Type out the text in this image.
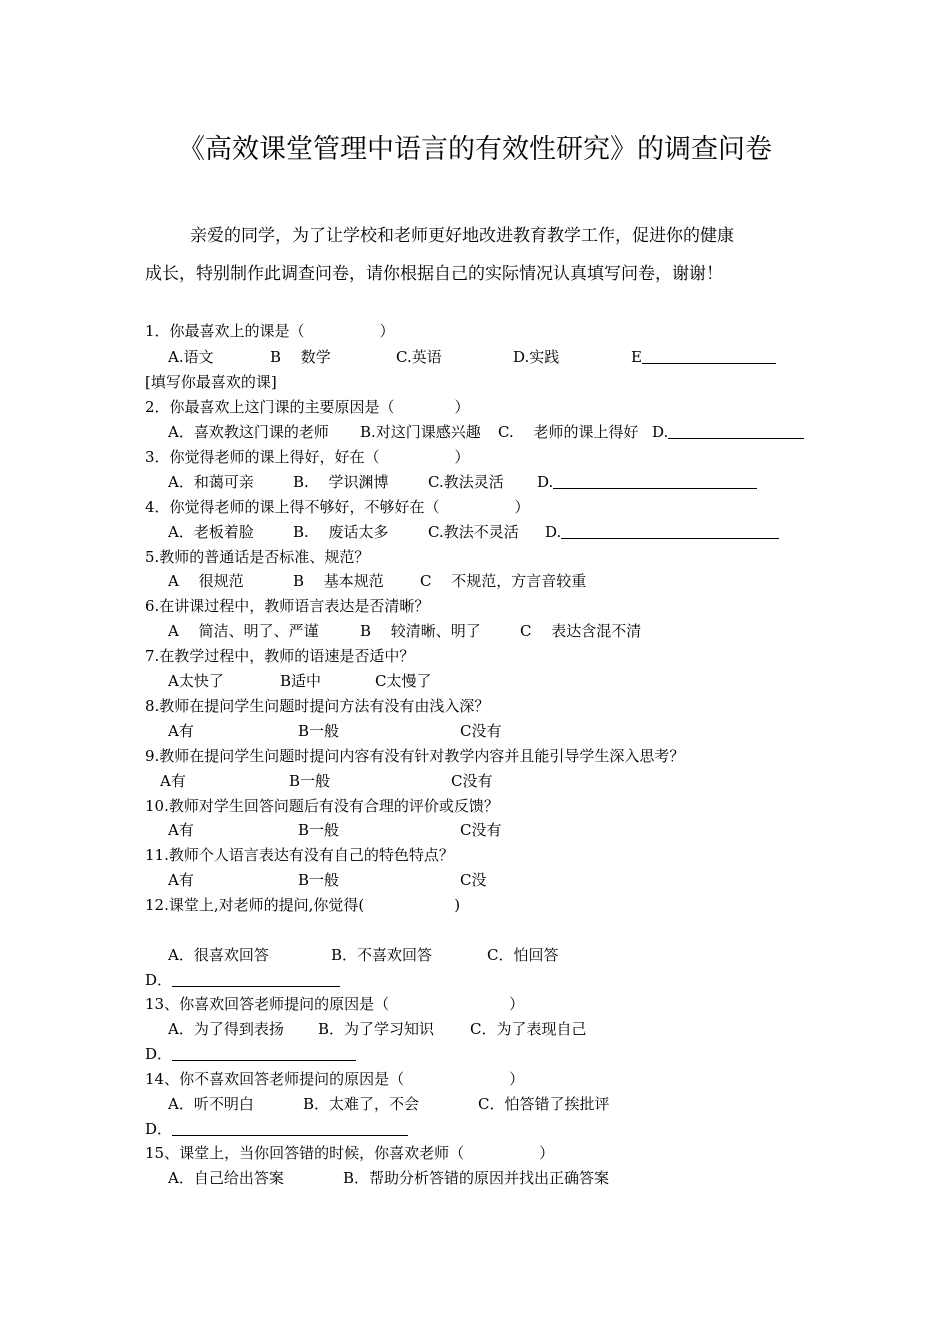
《高效课堂管理中语言的有效性研究》的调查问卷
亲爱的同学，为了让学校和老师更好地改进教育教学工作，促进你的健康
成长，特别制作此调查问卷，请你根据自己的实际情况认真填写问卷，谢谢！
1．你最喜欢上的课是（　　　　　）
A.语文	B　 数学	C.英语	D.实践	E
[填写你最喜欢的课]
2．你最喜欢上这门课的主要原因是（　　　　）
A．喜欢教这门课的老师 B.对这门课感兴趣 C.　 老师的课上得好 D.
3．你觉得老师的课上得好，好在（　　　　　）
A．和蔼可亲	B.　 学识渊博	C.教法灵活 D.
4．你觉得老师的课上得不够好，不够好在（　　　　　）
A．老板着脸	B.　 废话太多	C.教法不灵活 D.
5.教师的普通话是否标准、规范？
A　 很规范	B　 基本规范 C　 不规范，方言音较重
6.在讲课过程中，教师语言表达是否清晰？
A　 简洁、明了、严谨	B　 较清晰、明了	C　 表达含混不清
7.在教学过程中，教师的语速是否适中？
A太快了	B适中	C太慢了
8.教师在提问学生问题时提问方法有没有由浅入深？
A有	B一般	C没有
9.教师在提问学生问题时提问内容有没有针对教学内容并且能引导学生深入思考？
A有	B一般	C没有
10.教师对学生回答问题后有没有合理的评价或反馈？
A有	B一般	C没有
11.教师个人语言表达有没有自己的特色特点？
A有	B一般	C没
12.课堂上,对老师的提问,你觉得(　　　　　　)
A．很喜欢回答	B．不喜欢回答	C．怕回答
D．
13、你喜欢回答老师提问的原因是（　　　　　　　　）
A．为了得到表扬 B．为了学习知识 C．为了表现自己
D．
14、你不喜欢回答老师提问的原因是（　　　　　　　）
A．听不明白	B．太难了，不会	C．怕答错了挨批评
D．
15、课堂上，当你回答错的时候，你喜欢老师（　　　　　）
A．自己给出答案	B．帮助分析答错的原因并找出正确答案
